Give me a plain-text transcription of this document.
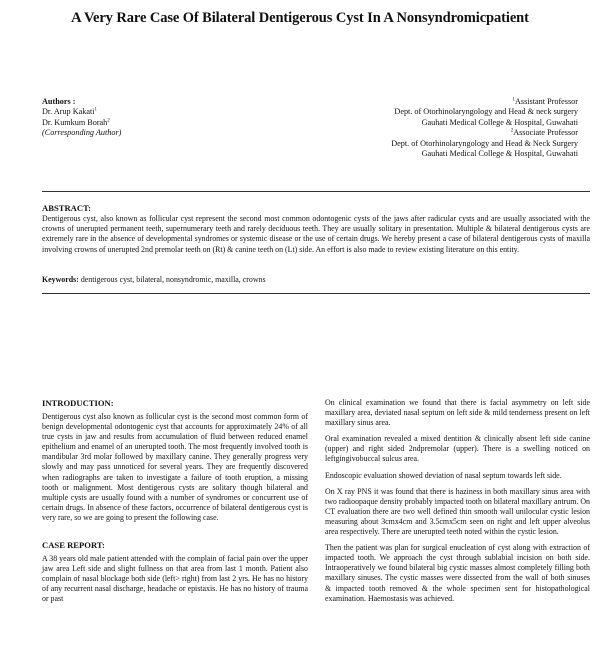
A Very Rare Case Of Bilateral Dentigerous Cyst In A Nonsyndromicpatient
Authors :
Dr. Arup Kakati$^1$
Dr. Kumkum Borah$^2$
(Corresponding Author)
$^1$Assistant Professor
Dept. of Otorhinolaryngology and Head & neck surgery
Gauhati Medical College & Hospital, Guwahati
$^2$Associate Professor
Dept. of Otorhinolaryngology and Head & Neck Surgery
Gauhati Medical College & Hospital, Guwahati
ABSTRACT:
Dentigerous cyst, also known as follicular cyst represent the second most common odontogenic cysts of the jaws after radicular cysts and are usually associated with the crowns of unerupted permanent teeth, supernumerary teeth and rarely deciduous teeth. They are usually solitary in presentation. Multiple & bilateral dentigerous cysts are extremely rare in the absence of developmental syndromes or systemic disease or the use of certain drugs. We hereby present a case of bilateral dentigerous cysts of maxilla involving crowns of unerupted 2nd premolar teeth on (Rt) & canine teeth on (Lt) side. An effort is also made to review existing literature on this entity.
Keywords: dentigerous cyst, bilateral, nonsyndromic, maxilla, crowns
INTRODUCTION:
Dentigerous cyst also known as follicular cyst is the second most common form of benign developmental odontogenic cyst that accounts for approximately 24% of all true cysts in jaw and results from accumulation of fluid between reduced enamel epithelium and enamel of an unerupted tooth. The most frequently involved tooth is mandibular 3rd molar followed by maxillary canine. They generally progress very slowly and may pass unnoticed for several years. They are frequently discovered when radiographs are taken to investigate a failure of tooth eruption, a missing tooth or malignment. Most dentigerous cysts are solitary though bilateral and multiple cysts are usually found with a number of syndromes or concurrent use of certain drugs. In absence of these factors, occurrence of bilateral dentigerous cyst is very rare, so we are going to present the following case.
CASE REPORT:
A 38 years old male patient attended with the complain of facial pain over the upper jaw area Left side and slight fullness on that area from last 1 month. Patient also complain of nasal blockage both side (left> right) from last 2 yrs. He has no history of any recurrent nasal discharge, headache or epistaxis. He has no history of trauma or past
On clinical examination we found that there is facial asymmetry on left side maxillary area, deviated nasal septum on left side & mild tenderness present on left maxillary sinus area.
Oral examination revealed a mixed dentition & clinically absent left side canine (upper) and right sided 2ndpremolar (upper). There is a swelling noticed on leftgingivobuccal sulcus area.
Endoscopic evaluation showed deviation of nasal septum towards left side.
On X ray PNS it was found that there is haziness in both maxillary sinus area with two radioopaque density probably impacted tooth on bilateral maxillary antrum. On CT evaluation there are two well defined thin smooth wall unilocular cystic lesion measuring about 3cmx4cm and 3.5cmx5cm seen on right and left upper alveolus area respectively. There are unerupted teeth noted within the cystic lesion.
Then the patient was plan for surgical enucleation of cyst along with extraction of impacted tooth. We approach the cyst through sublabial incision on both side. Intraoperatively we found bilateral big cystic masses almost completely filling both maxillary sinuses. The cystic masses were dissected from the wall of both sinuses & impacted tooth removed & the whole specimen sent for histopathological examination. Haemostasis was achieved.
